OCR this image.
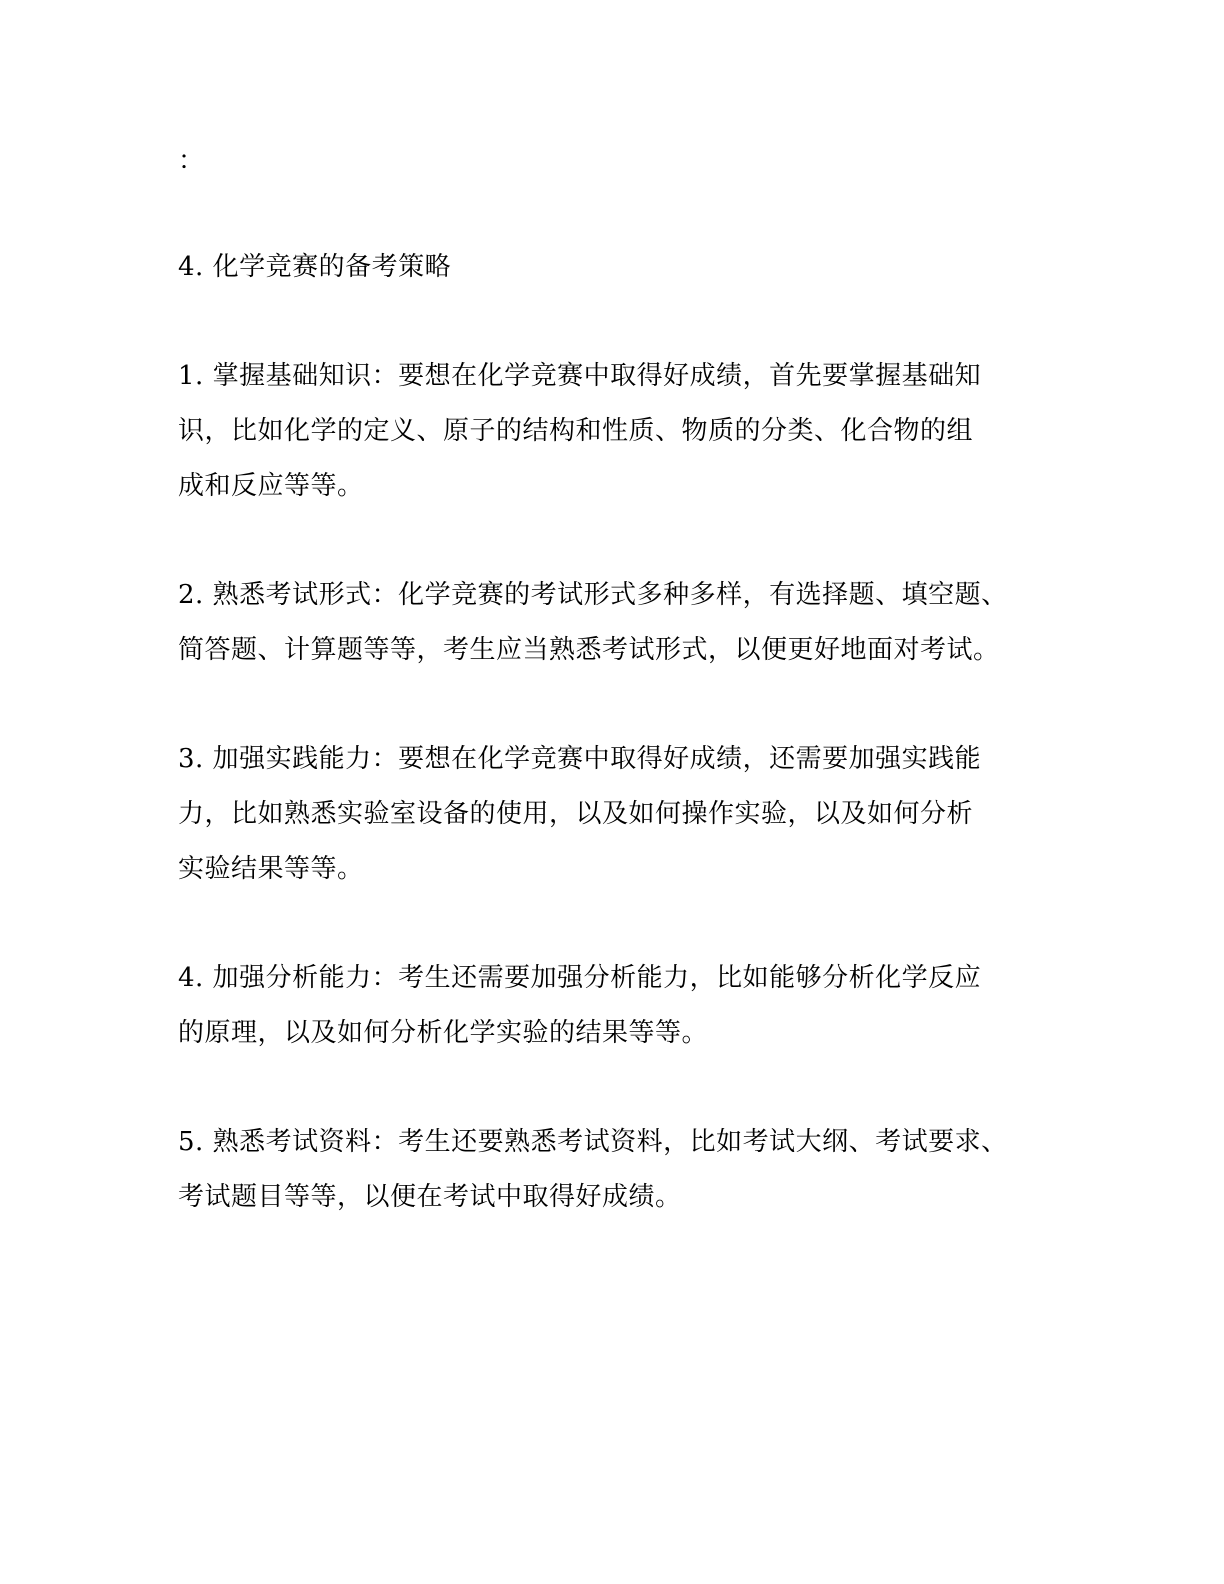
：
4. 化学竞赛的备考策略
1. 掌握基础知识：要想在化学竞赛中取得好成绩，首先要掌握基础知
识，比如化学的定义、原子的结构和性质、物质的分类、化合物的组
成和反应等等。
2. 熟悉考试形式：化学竞赛的考试形式多种多样，有选择题、填空题、
简答题、计算题等等，考生应当熟悉考试形式，以便更好地面对考试。
3. 加强实践能力：要想在化学竞赛中取得好成绩，还需要加强实践能
力，比如熟悉实验室设备的使用，以及如何操作实验，以及如何分析
实验结果等等。
4. 加强分析能力：考生还需要加强分析能力，比如能够分析化学反应
的原理，以及如何分析化学实验的结果等等。
5. 熟悉考试资料：考生还要熟悉考试资料，比如考试大纲、考试要求、
考试题目等等，以便在考试中取得好成绩。
